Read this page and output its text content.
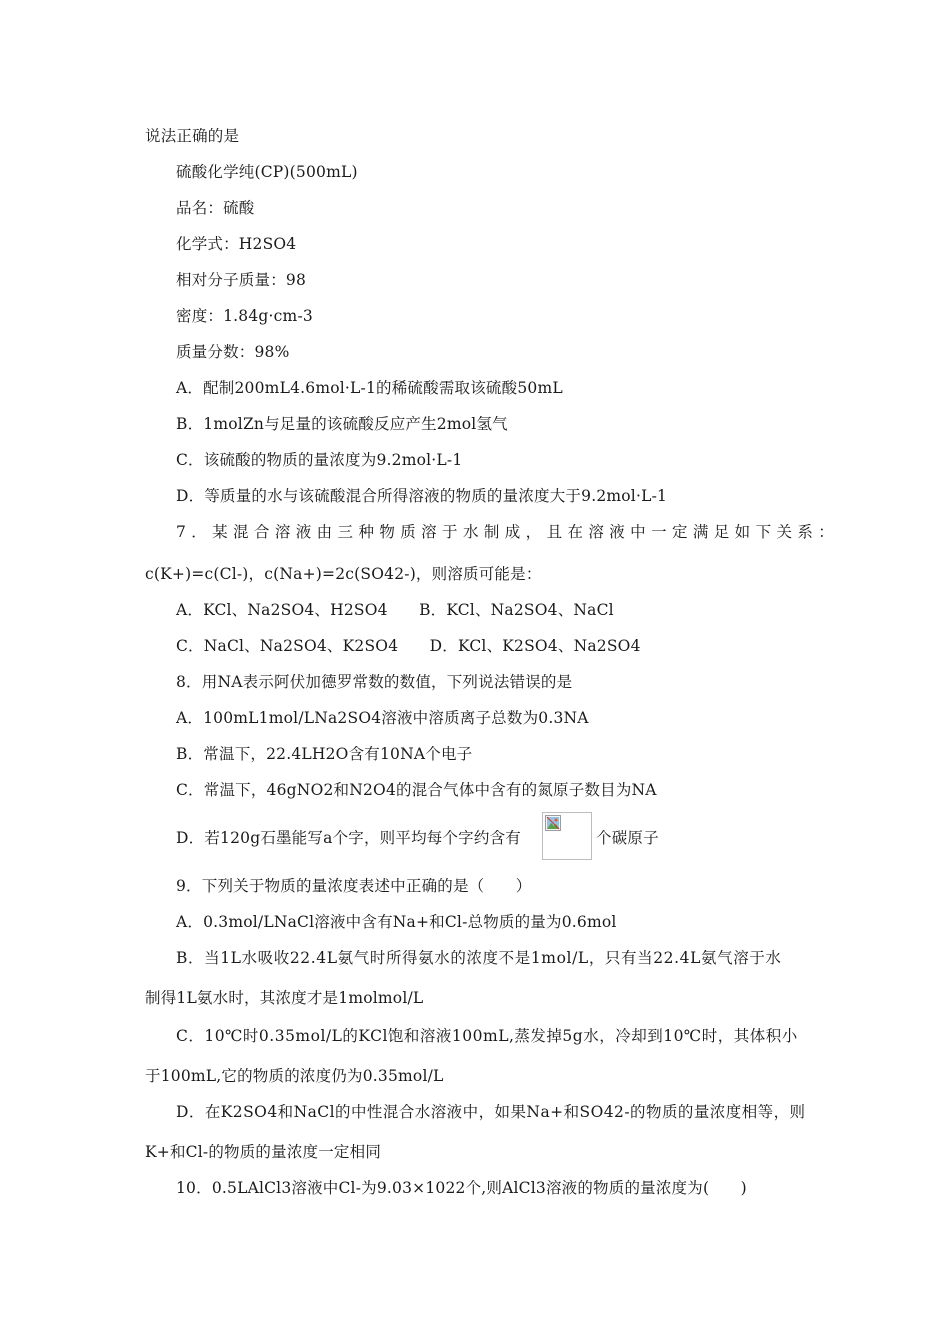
说法正确的是
硫酸化学纯(CP)(500mL)
品名：硫酸
化学式：H2SO4
相对分子质量：98
密度：1.84g·cm-3
质量分数：98%
A．配制200mL4.6mol·L-1的稀硫酸需取该硫酸50mL
B．1molZn与足量的该硫酸反应产生2mol氢气
C．该硫酸的物质的量浓度为9.2mol·L-1
D．等质量的水与该硫酸混合所得溶液的物质的量浓度大于9.2mol·L-1
7．某混合溶液由三种物质溶于水制成，且在溶液中一定满足如下关系：
c(K+)=c(Cl-)，c(Na+)=2c(SO42-)，则溶质可能是：
A．KCl、Na2SO4、H2SO4　　B．KCl、Na2SO4、NaCl
C．NaCl、Na2SO4、K2SO4　　D．KCl、K2SO4、Na2SO4
8．用NA表示阿伏加德罗常数的数值，下列说法错误的是
A．100mL1mol/LNa2SO4溶液中溶质离子总数为0.3NA
B．常温下，22.4LH2O含有10NA个电子
C．常温下，46gNO2和N2O4的混合气体中含有的氮原子数目为NA
D．若120g石墨能写a个字，则平均每个字约含有	个碳原子
9．下列关于物质的量浓度表述中正确的是（　　）
A．0.3mol/LNaCl溶液中含有Na+和Cl-总物质的量为0.6mol
B．当1L水吸收22.4L氨气时所得氨水的浓度不是1mol/L，只有当22.4L氨气溶于水
制得1L氨水时，其浓度才是1molmol/L
C．10℃时0.35mol/L的KCl饱和溶液100mL,蒸发掉5g水，冷却到10℃时，其体积小
于100mL,它的物质的浓度仍为0.35mol/L
D．在K2SO4和NaCl的中性混合水溶液中，如果Na+和SO42-的物质的量浓度相等，则
K+和Cl-的物质的量浓度一定相同
10．0.5LAlCl3溶液中Cl-为9.03×1022个,则AlCl3溶液的物质的量浓度为(　　)
